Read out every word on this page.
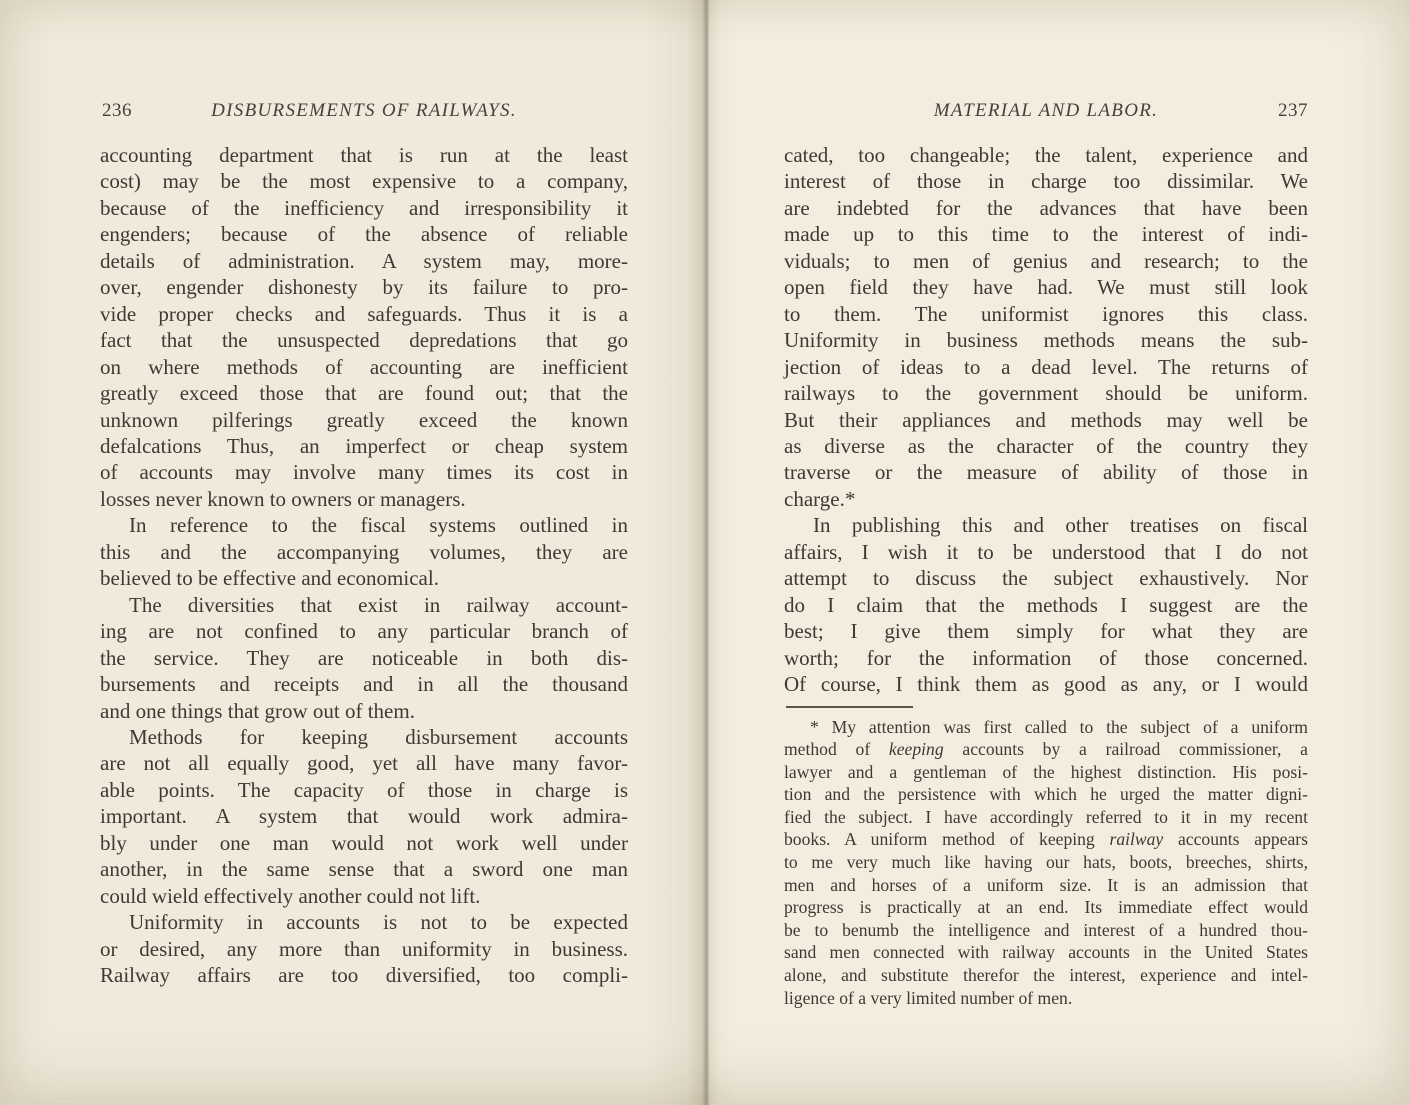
236	DISBURSEMENTS OF RAILWAYS.
accounting department that is run at the least
cost) may be the most expensive to a company,
because of the inefficiency and irresponsibility it
engenders; because of the absence of reliable
details of administration. A system may, more-
over, engender dishonesty by its failure to pro-
vide proper checks and safeguards. Thus it is a
fact that the unsuspected depredations that go
on where methods of accounting are inefficient
greatly exceed those that are found out; that the
unknown pilferings greatly exceed the known
defalcations Thus, an imperfect or cheap system
of accounts may involve many times its cost in
losses never known to owners or managers.
In reference to the fiscal systems outlined in
this and the accompanying volumes, they are
believed to be effective and economical.
The diversities that exist in railway account-
ing are not confined to any particular branch of
the service. They are noticeable in both dis-
bursements and receipts and in all the thousand
and one things that grow out of them.
Methods for keeping disbursement accounts
are not all equally good, yet all have many favor-
able points. The capacity of those in charge is
important. A system that would work admira-
bly under one man would not work well under
another, in the same sense that a sword one man
could wield effectively another could not lift.
Uniformity in accounts is not to be expected
or desired, any more than uniformity in business.
Railway affairs are too diversified, too compli-
MATERIAL AND LABOR.	237
cated, too changeable; the talent, experience and
interest of those in charge too dissimilar. We
are indebted for the advances that have been
made up to this time to the interest of indi-
viduals; to men of genius and research; to the
open field they have had. We must still look
to them. The uniformist ignores this class.
Uniformity in business methods means the sub-
jection of ideas to a dead level. The returns of
railways to the government should be uniform.
But their appliances and methods may well be
as diverse as the character of the country they
traverse or the measure of ability of those in
charge.*
In publishing this and other treatises on fiscal
affairs, I wish it to be understood that I do not
attempt to discuss the subject exhaustively. Nor
do I claim that the methods I suggest are the
best; I give them simply for what they are
worth; for the information of those concerned.
Of course, I think them as good as any, or I would
* My attention was first called to the subject of a uniform
method of keeping accounts by a railroad commissioner, a
lawyer and a gentleman of the highest distinction. His posi-
tion and the persistence with which he urged the matter digni-
fied the subject. I have accordingly referred to it in my recent
books. A uniform method of keeping railway accounts appears
to me very much like having our hats, boots, breeches, shirts,
men and horses of a uniform size. It is an admission that
progress is practically at an end. Its immediate effect would
be to benumb the intelligence and interest of a hundred thou-
sand men connected with railway accounts in the United States
alone, and substitute therefor the interest, experience and intel-
ligence of a very limited number of men.
